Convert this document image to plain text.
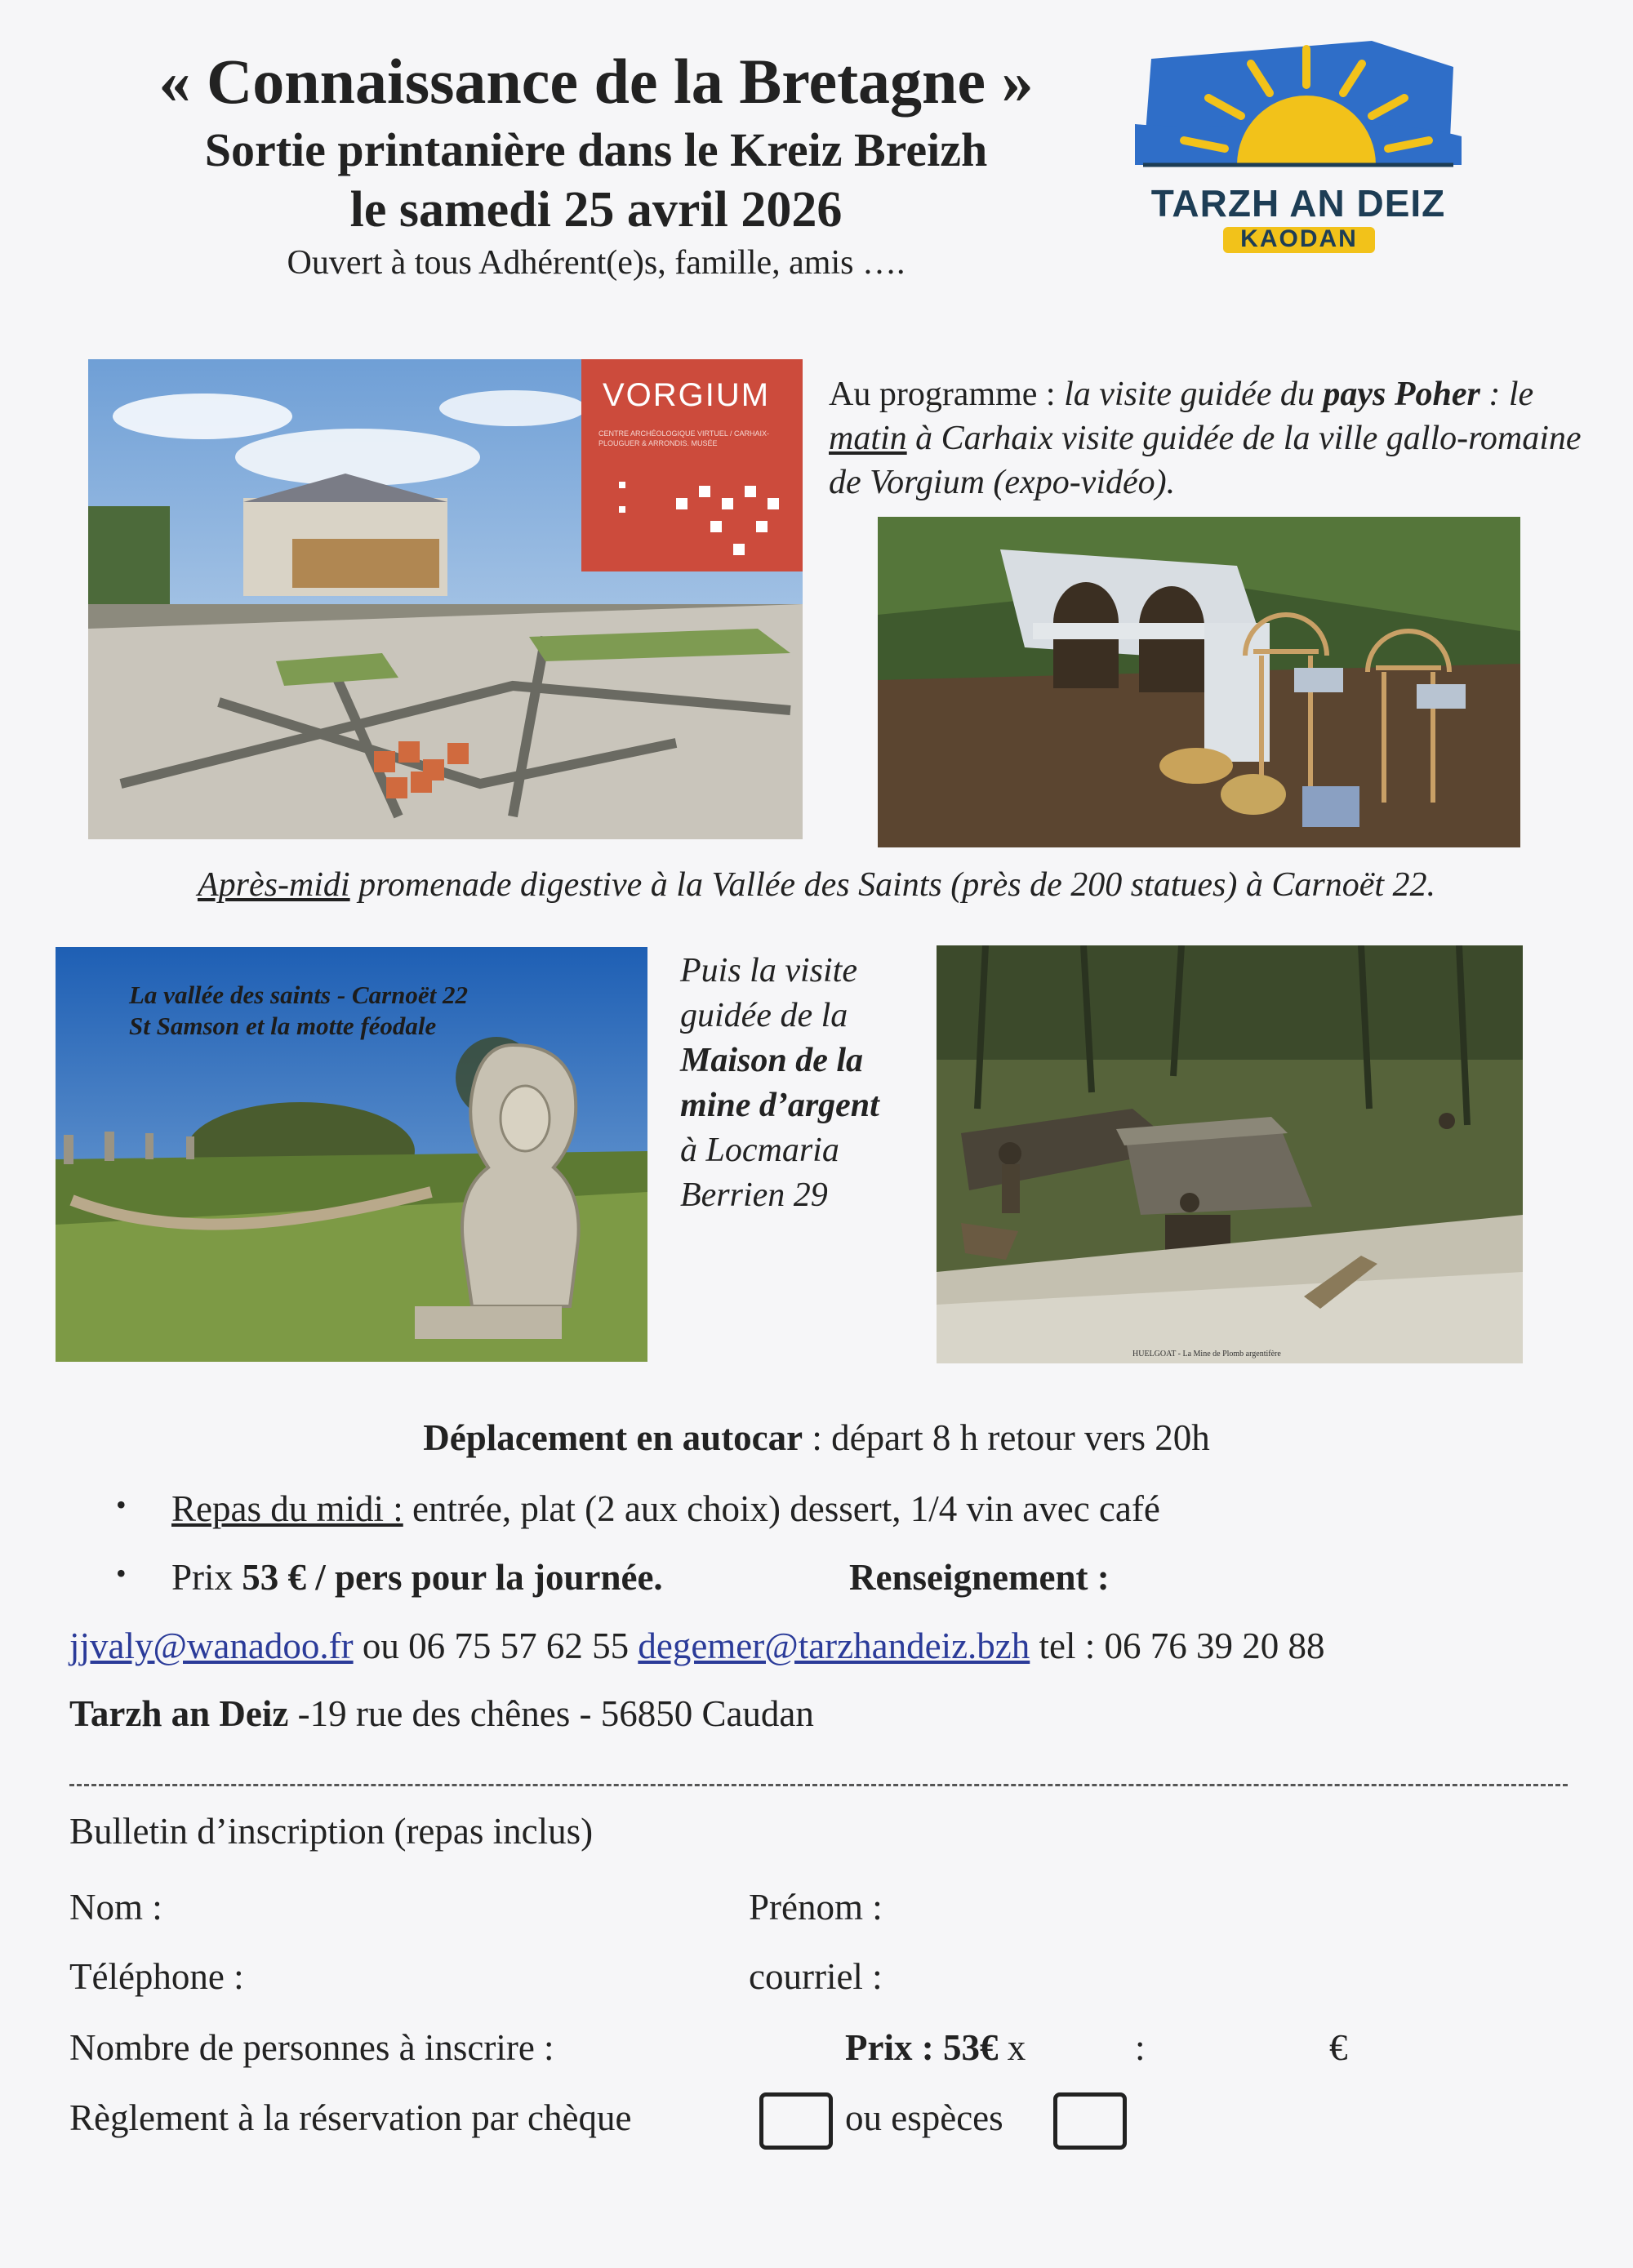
« Connaissance de la Bretagne »
Sortie printanière dans le Kreiz Breizh
le samedi 25 avril 2026
Ouvert à tous Adhérent(e)s, famille, amis ….
TARZH AN DEIZ
KAODAN
VORGIUM
CENTRE ARCHÉOLOGIQUE VIRTUEL / CARHAIX-PLOUGUER & ARRONDIS. MUSÉE
Au programme : la visite guidée du pays Poher : le matin à Carhaix visite guidée de la ville gallo-romaine de Vorgium (expo-vidéo).
Après-midi promenade digestive à la Vallée des Saints (près de 200 statues) à Carnoët 22.
La vallée des saints - Carnoët 22
St Samson et la motte féodale
Puis la visite
guidée de la
Maison de la
mine d’argent
à Locmaria
Berrien 29
HUELGOAT - La Mine de Plomb argentifère
Déplacement en autocar : départ 8 h retour vers 20h
• Repas du midi : entrée, plat (2 aux choix) dessert, 1/4 vin avec café
• Prix 53 € / pers pour la journée.	Renseignement :
jjvaly@wanadoo.fr ou 06 75 57 62 55 degemer@tarzhandeiz.bzh tel : 06 76 39 20 88
Tarzh an Deiz -19 rue des chênes - 56850 Caudan
Bulletin d’inscription (repas inclus)
Nom :	Prénom :
Téléphone :	courriel :
Nombre de personnes à inscrire :	Prix : 53€ x	:	€
Règlement à la réservation par chèque	ou espèces
